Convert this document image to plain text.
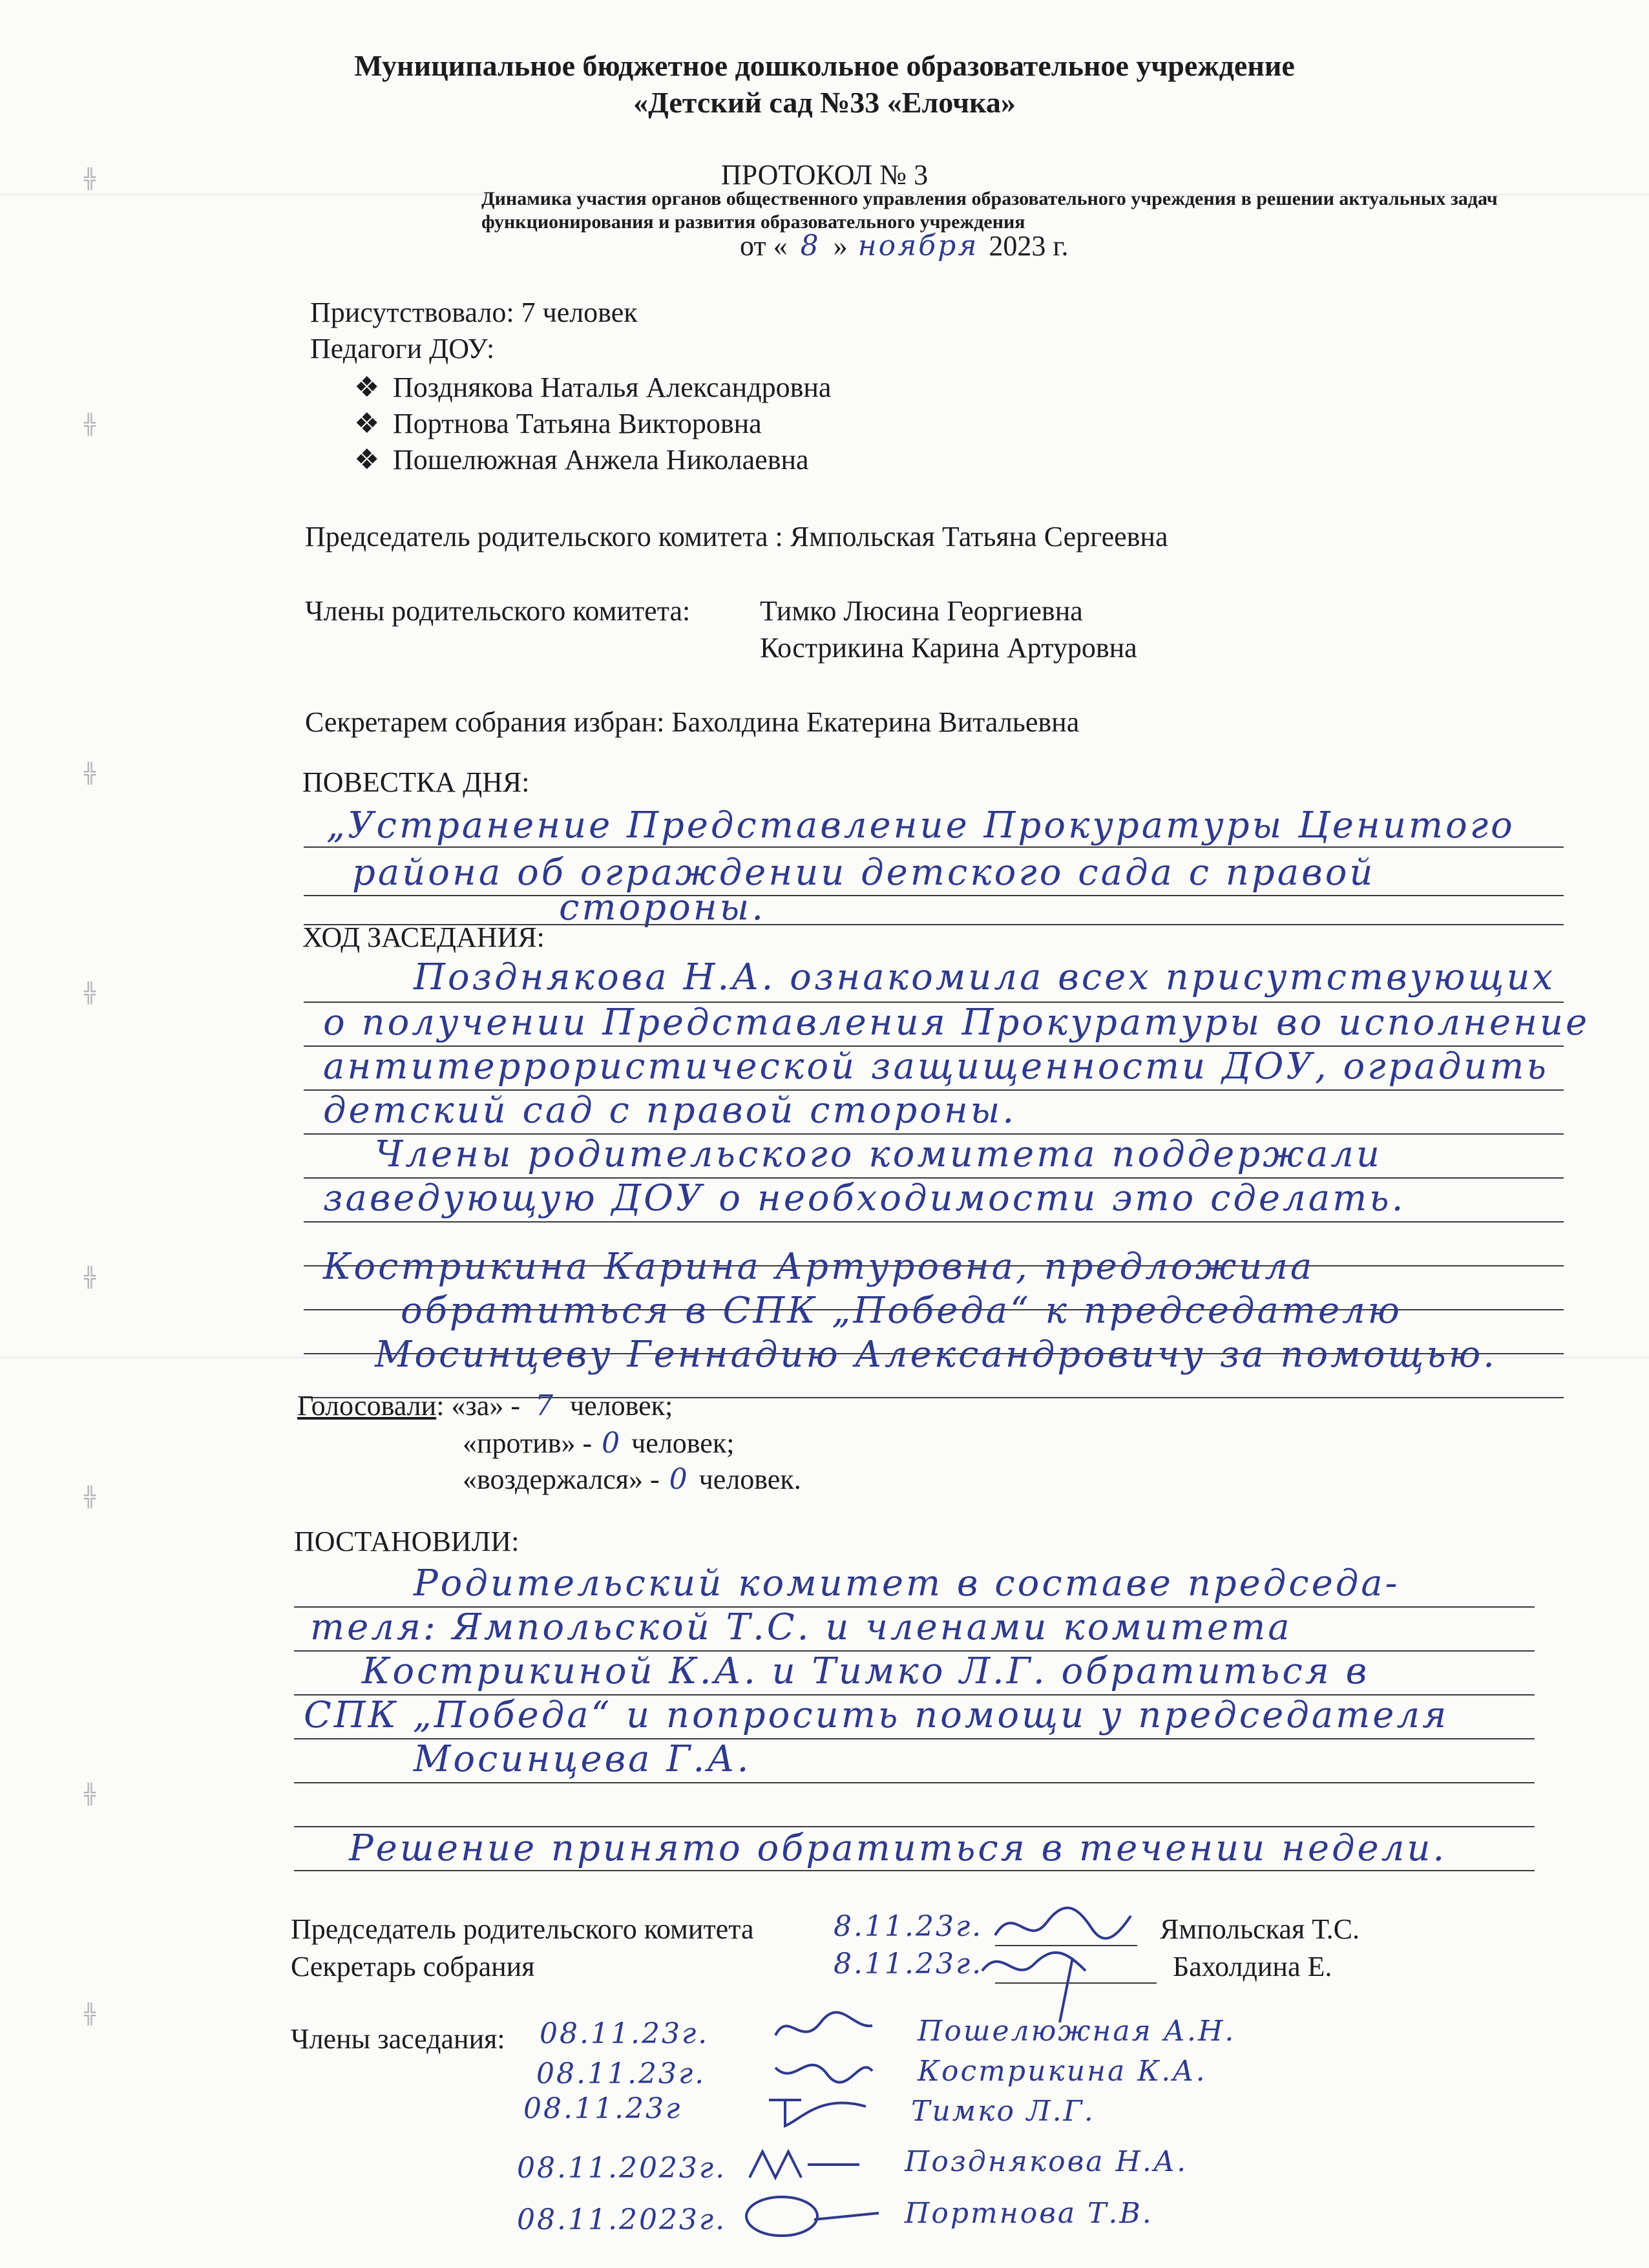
╬
╬
╬
╬
╬
╬
╬
╬
Муниципальное бюджетное дошкольное образовательное учреждение
«Детский сад №33 «Елочка»
ПРОТОКОЛ № 3
Динамика участия органов общественного управления образовательного учреждения в решении актуальных задач функционирования и развития образовательного учреждения
от « 8 » ноября 2023 г.
Присутствовало: 7 человек
Педагоги ДОУ:
❖ Позднякова Наталья Александровна
❖ Портнова Татьяна Викторовна
❖ Пошелюжная Анжела Николаевна
Председатель родительского комитета : Ямпольская Татьяна Сергеевна
Члены родительского комитета: Тимко Люсина Георгиевна
Кострикина Карина Артуровна
Секретарем собрания избран: Бахолдина Екатерина Витальевна
ПОВЕСТКА ДНЯ:
„Устранение Представление Прокуратуры Ценитого
района об ограждении детского сада с правой
стороны.
ХОД ЗАСЕДАНИЯ:
Позднякова Н.А. ознакомила всех присутствующих
о получении Представления Прокуратуры во исполнение
антитеррористической защищенности ДОУ, оградить
детский сад с правой стороны.
Члены родительского комитета поддержали
заведующую ДОУ о необходимости это сделать.
Кострикина Карина Артуровна, предложила
обратиться в СПК „Победа“ к председателю
Мосинцеву Геннадию Александровичу за помощью.
Голосовали: «за» - 7 человек;
«против» - 0 человек;
«воздержался» - 0 человек.
ПОСТАНОВИЛИ:
Родительский комитет в составе председа-
теля: Ямпольской Т.С. и членами комитета
Кострикиной К.А. и Тимко Л.Г. обратиться в
СПК „Победа“ и попросить помощи у председателя
Мосинцева Г.А.
Решение принято обратиться в течении недели.
Председатель родительского комитета	8.11.23г.	Ямпольская Т.С.
Секретарь собрания	8.11.23г.	Бахолдина Е.
Члены заседания: 08.11.23г.	Пошелюжная А.Н.
08.11.23г.	Кострикина К.А.
08.11.23г	Тимко Л.Г.
08.11.2023г.	Позднякова Н.А.
08.11.2023г.	Портнова Т.В.
